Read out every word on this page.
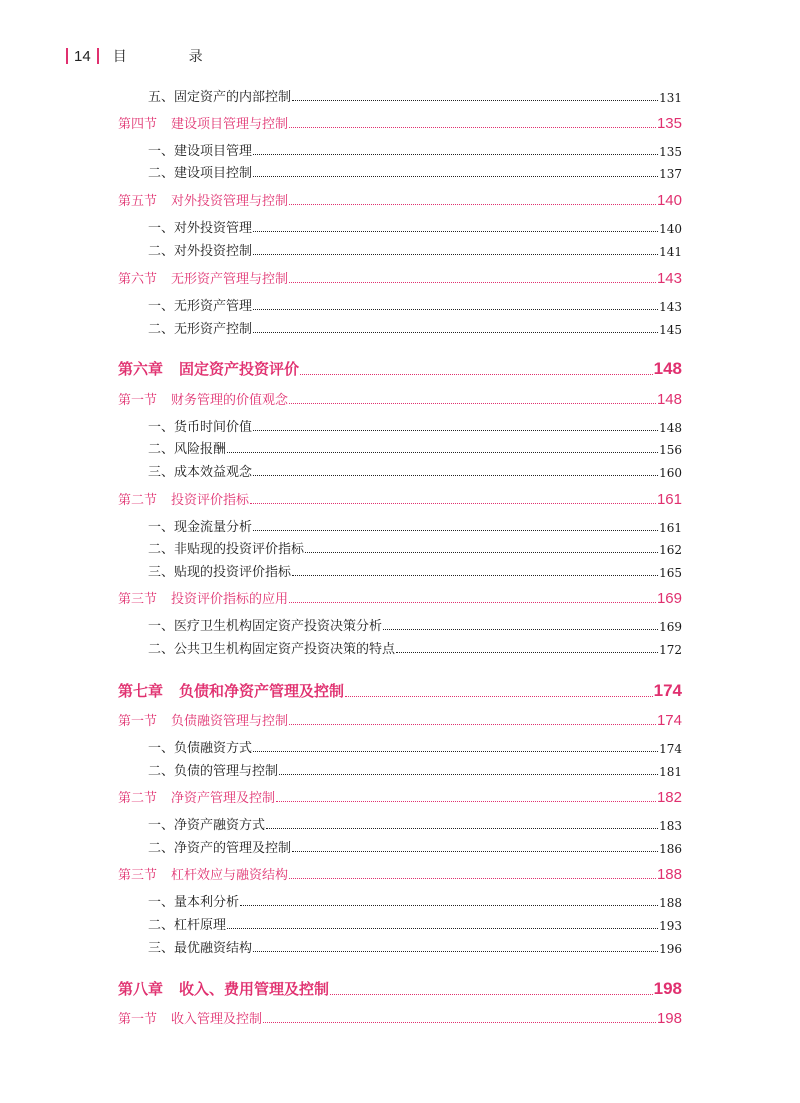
14 目　录
五、固定资产的内部控制	131
第四节 建设项目管理与控制	135
一、建设项目管理	135
二、建设项目控制	137
第五节 对外投资管理与控制	140
一、对外投资管理	140
二、对外投资控制	141
第六节 无形资产管理与控制	143
一、无形资产管理	143
二、无形资产控制	145
第六章 固定资产投资评价	148
第一节 财务管理的价值观念	148
一、货币时间价值	148
二、风险报酬	156
三、成本效益观念	160
第二节 投资评价指标	161
一、现金流量分析	161
二、非贴现的投资评价指标	162
三、贴现的投资评价指标	165
第三节 投资评价指标的应用	169
一、医疗卫生机构固定资产投资决策分析	169
二、公共卫生机构固定资产投资决策的特点	172
第七章 负债和净资产管理及控制	174
第一节 负债融资管理与控制	174
一、负债融资方式	174
二、负债的管理与控制	181
第二节 净资产管理及控制	182
一、净资产融资方式	183
二、净资产的管理及控制	186
第三节 杠杆效应与融资结构	188
一、量本利分析	188
二、杠杆原理	193
三、最优融资结构	196
第八章 收入、费用管理及控制	198
第一节 收入管理及控制	198
